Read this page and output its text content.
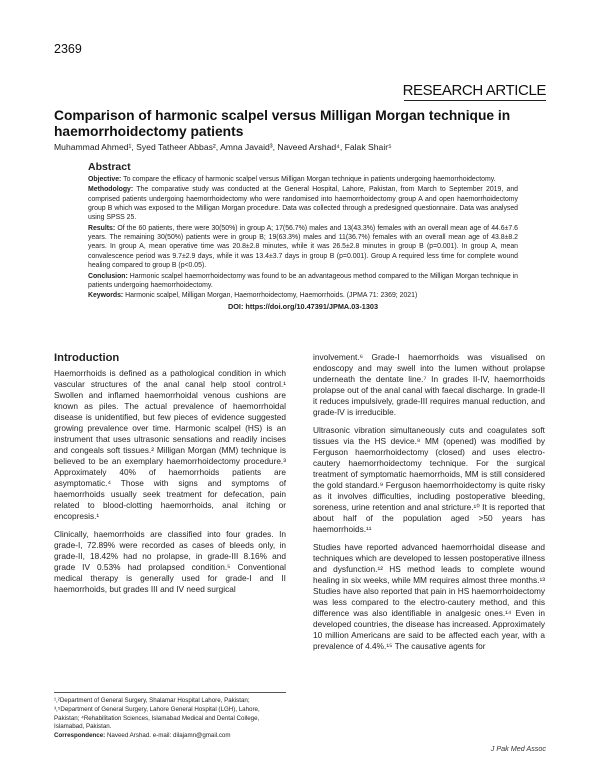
2369
RESEARCH ARTICLE
Comparison of harmonic scalpel versus Milligan Morgan technique in haemorrhoidectomy patients
Muhammad Ahmed¹, Syed Tatheer Abbas², Amna Javaid³, Naveed Arshad⁴, Falak Shair⁵
Abstract

Objective: To compare the efficacy of harmonic scalpel versus Milligan Morgan technique in patients undergoing haemorrhoidectomy.

Methodology: The comparative study was conducted at the General Hospital, Lahore, Pakistan, from March to September 2019, and comprised patients undergoing haemorrhoidectomy who were randomised into haemorrhoidectomy group A and open haemorrhoidectomy group B which was exposed to the Milligan Morgan procedure. Data was collected through a predesigned questionnaire. Data was analysed using SPSS 25.

Results: Of the 60 patients, there were 30(50%) in group A; 17(56.7%) males and 13(43.3%) females with an overall mean age of 44.6±7.6 years. The remaining 30(50%) patients were in group B; 19(63.3%) males and 11(36.7%) females with an overall mean age of 43.8±8.2 years. In group A, mean operative time was 20.8±2.8 minutes, while it was 26.5±2.8 minutes in group B (p=0.001). In group A, mean convalescence period was 9.7±2.9 days, while it was 13.4±3.7 days in group B (p=0.001). Group A required less time for complete wound healing compared to group B (p<0.05).

Conclusion: Harmonic scalpel haemorrhoidectomy was found to be an advantageous method compared to the Milligan Morgan technique in patients undergoing haemorrhoidectomy.

Keywords: Harmonic scalpel, Milligan Morgan, Haemorrhoidectomy, Haemorrhoids. (JPMA 71: 2369; 2021)

DOI: https://doi.org/10.47391/JPMA.03-1303
Introduction

Haemorrhoids is defined as a pathological condition in which vascular structures of the anal canal help stool control.¹ Swollen and inflamed haemorrhoidal venous cushions are known as piles. The actual prevalence of haemorrhoidal disease is unidentified, but few pieces of evidence suggested growing prevalence over time. Harmonic scalpel (HS) is an instrument that uses ultrasonic sensations and readily incises and congeals soft tissues.² Milligan Morgan (MM) technique is believed to be an exemplary haemorrhoidectomy procedure.³ Approximately 40% of haemorrhoids patients are asymptomatic.⁴ Those with signs and symptoms of haemorrhoids usually seek treatment for defecation, pain related to blood-clotting haemorrhoids, anal itching or encopresis.¹

Clinically, haemorrhoids are classified into four grades. In grade-I, 72.89% were recorded as cases of bleeds only, in grade-II, 18.42% had no prolapse, in grade-III 8.16% and grade IV 0.53% had prolapsed condition.⁵ Conventional medical therapy is generally used for grade-I and II haemorrhoids, but grades III and IV need surgical

involvement.⁶ Grade-I haemorrhoids was visualised on endoscopy and may swell into the lumen without prolapse underneath the dentate line.⁷ In grades II-IV, haemorrhoids prolapse out of the anal canal with faecal discharge. In grade-II it reduces impulsively, grade-III requires manual reduction, and grade-IV is irreducible.

Ultrasonic vibration simultaneously cuts and coagulates soft tissues via the HS device.⁸ MM (opened) was modified by Ferguson haemorrhoidectomy (closed) and uses electro-cautery haemorrhoidectomy technique. For the surgical treatment of symptomatic haemorrhoids, MM is still considered the gold standard.⁹ Ferguson haemorrhoidectomy is quite risky as it involves difficulties, including postoperative bleeding, soreness, urine retention and anal stricture.¹⁰ It is reported that about half of the population aged >50 years has haemorrhoids.¹¹

Studies have reported advanced haemorrhoidal disease and techniques which are developed to lessen postoperative illness and dysfunction.¹² HS method leads to complete wound healing in six weeks, while MM requires almost three months.¹³ Studies have also reported that pain in HS haemorrhoidectomy was less compared to the electro-cautery method, and this difference was also identifiable in analgesic ones.¹⁴ Even in developed countries, the disease has increased. Approximately 10 million Americans are said to be affected each year, with a prevalence of 4.4%.¹⁵ The causative agents for

¹,²Department of General Surgery, Shalamar Hospital Lahore, Pakistan;
³,⁵Department of General Surgery, Lahore General Hospital (LGH), Lahore,
Pakistan; ⁴Rehabilitation Sciences, Islamabad Medical and Dental College,
Islamabad, Pakistan.
Correspondence: Naveed Arshad. e-mail: dilajamn@gmail.com
J Pak Med Assoc
